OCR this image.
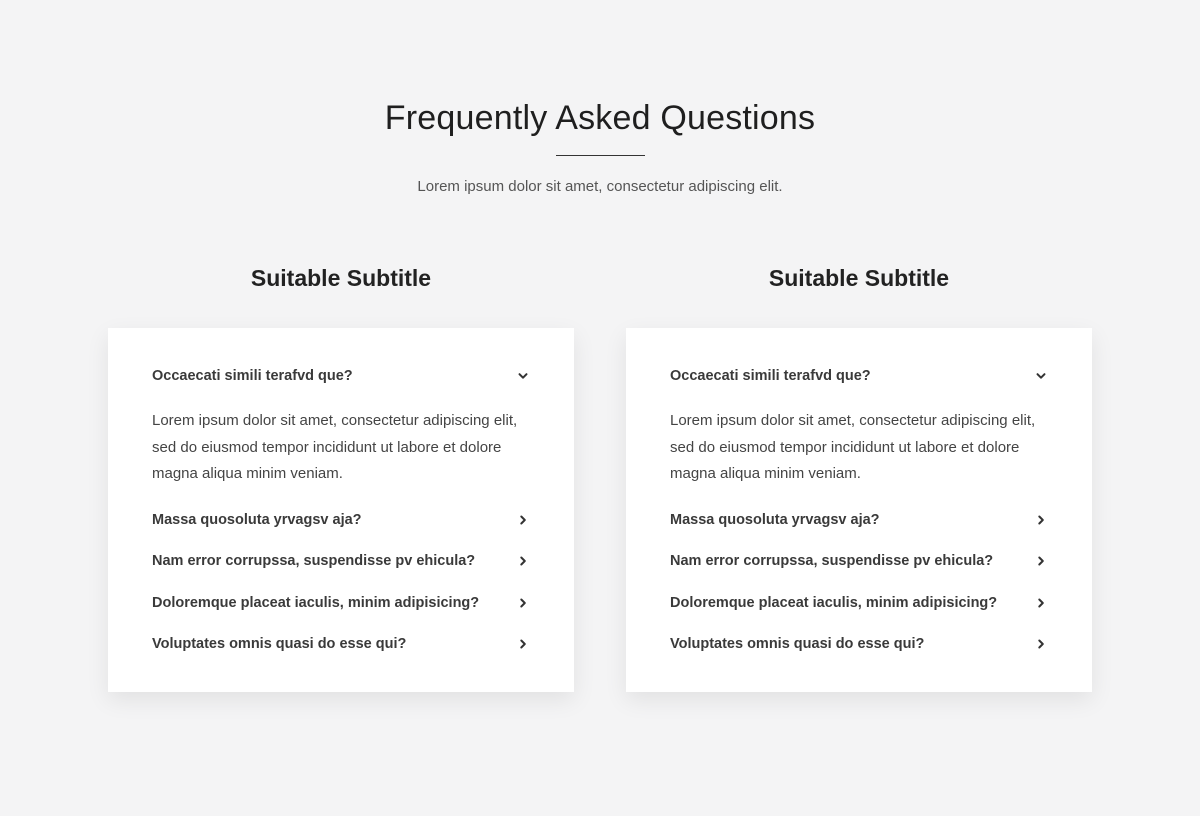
Frequently Asked Questions

Lorem ipsum dolor sit amet, consectetur adipiscing elit.

Suitable Subtitle
Occaecati simili terafvd que?

Lorem ipsum dolor sit amet, consectetur adipiscing elit, sed do eiusmod tempor incididunt ut labore et dolore magna aliqua minim veniam.

Massa quosoluta yrvagsv aja?
Nam error corrupssa, suspendisse pv ehicula?
Doloremque placeat iaculis, minim adipisicing?
Voluptates omnis quasi do esse qui?
Suitable Subtitle
Occaecati simili terafvd que?

Lorem ipsum dolor sit amet, consectetur adipiscing elit, sed do eiusmod tempor incididunt ut labore et dolore magna aliqua minim veniam.

Massa quosoluta yrvagsv aja?
Nam error corrupssa, suspendisse pv ehicula?
Doloremque placeat iaculis, minim adipisicing?
Voluptates omnis quasi do esse qui?
